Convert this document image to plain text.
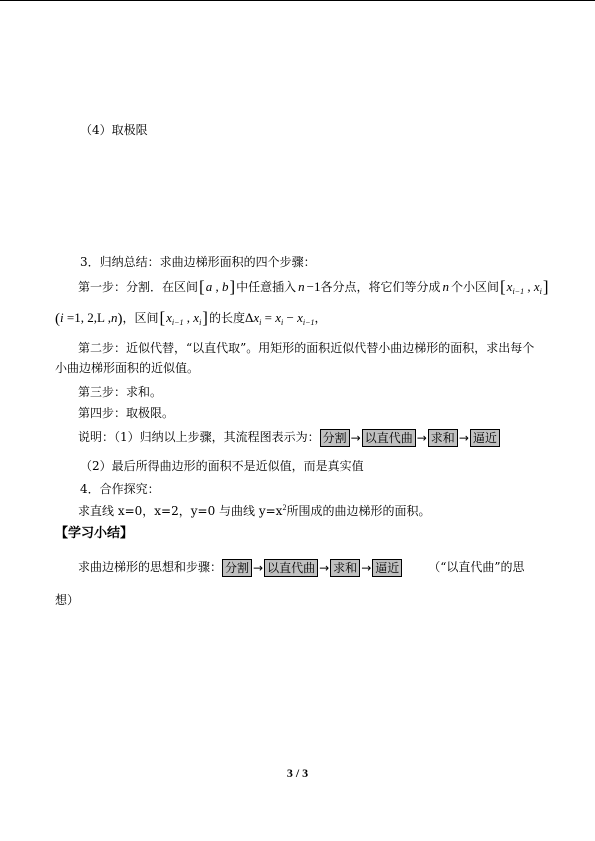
（4）取极限
3．归纳总结：求曲边梯形面积的四个步骤：
第一步：分割．在区间[a , b]中任意插入 n −1各分点，将它们等分成 n 个小区间[$x_{i-1}$ , $x_i$]
(i =1, 2,L ,n)，区间[$x_{i-1}$ , $x_i$]的长度$\Delta x_i = x_i - x_{i-1}$，
第二步：近似代替，“以直代取”。用矩形的面积近似代替小曲边梯形的面积，求出每个
小曲边梯形面积的近似值。
第三步：求和。
第四步：取极限。
说明：（1）归纳以上步骤，其流程图表示为： 分割 → 以直代曲 → 求和 → 逼近
（2）最后所得曲边形的面积不是近似值，而是真实值
4．合作探究：
求直线 x=0，x=2，y=0 与曲线 $y=x^2$所围成的曲边梯形的面积。
【学习小结】
求曲边梯形的思想和步骤： 分割 → 以直代曲 → 求和 → 逼近 （“以直代曲”的思
想）
3 / 3
